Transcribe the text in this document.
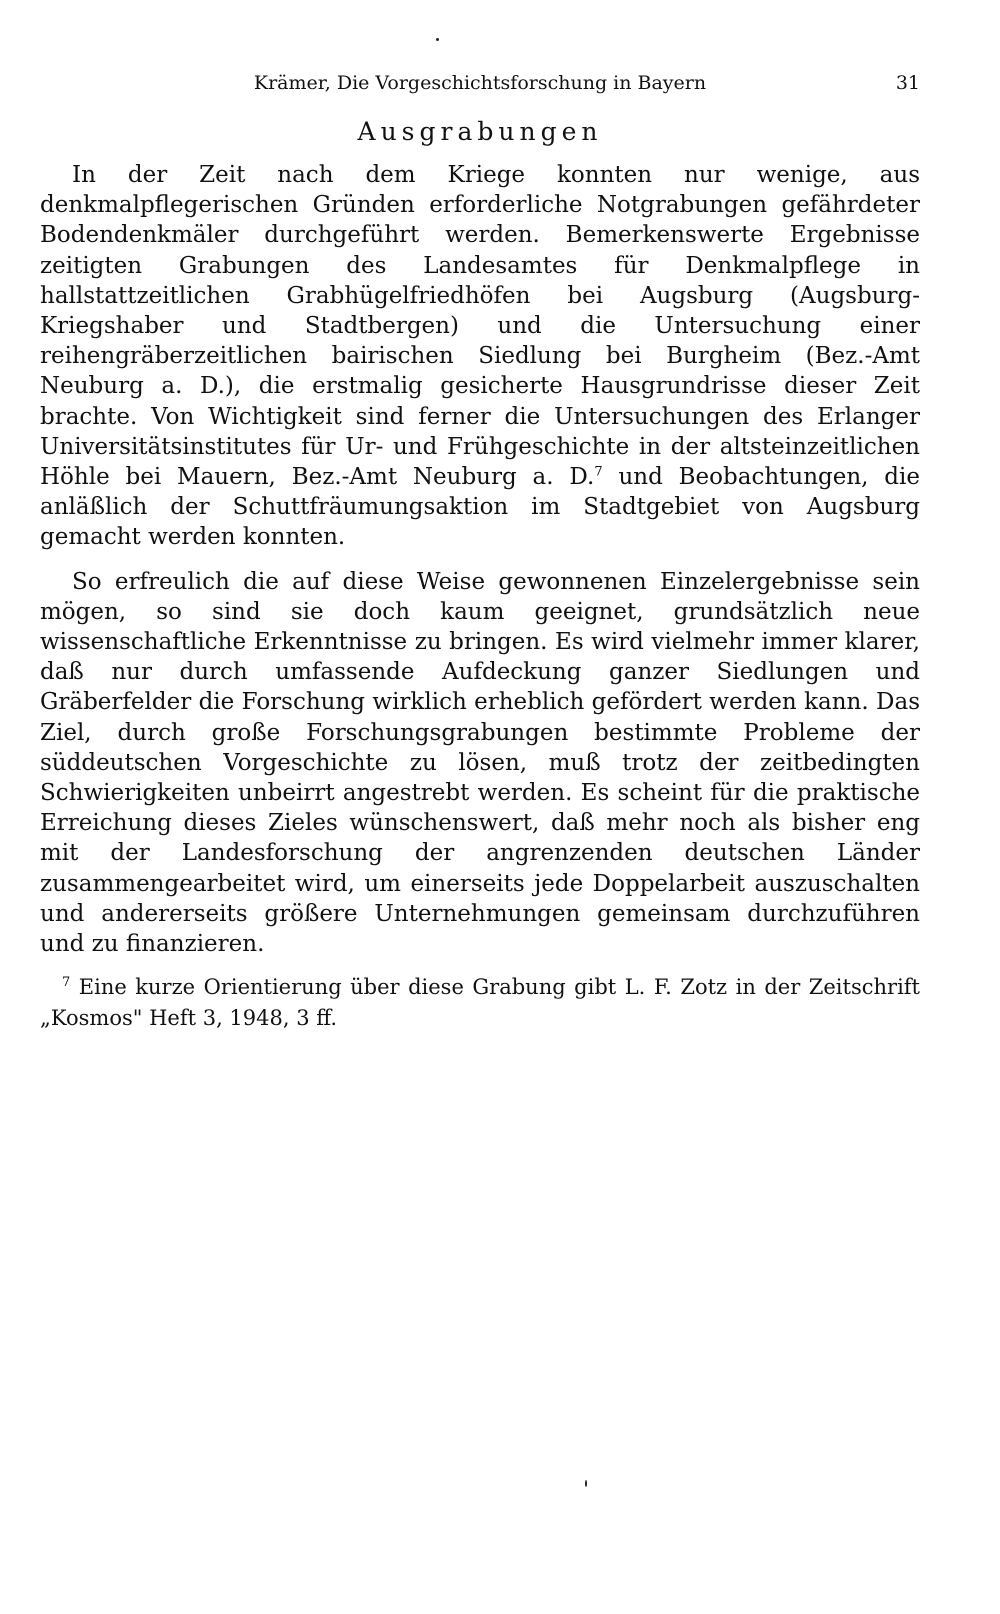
Krämer, Die Vorgeschichtsforschung in Bayern	31
Ausgrabungen

In der Zeit nach dem Kriege konnten nur wenige, aus denkmalpflegerischen Gründen erforderliche Notgrabungen gefährdeter Bodendenkmäler durchgeführt werden. Bemerkenswerte Ergebnisse zeitigten Grabungen des Landesamtes für Denkmalpflege in hallstattzeitlichen Grabhügelfriedhöfen bei Augsburg (Augsburg-Kriegshaber und Stadtbergen) und die Untersuchung einer reihengräberzeitlichen bairischen Siedlung bei Burgheim (Bez.-Amt Neuburg a. D.), die erstmalig gesicherte Hausgrundrisse dieser Zeit brachte. Von Wichtigkeit sind ferner die Untersuchungen des Erlanger Universitätsinstitutes für Ur- und Frühgeschichte in der altsteinzeitlichen Höhle bei Mauern, Bez.-Amt Neuburg a. D.$^7$ und Beobachtungen, die anläßlich der Schuttfräumungsaktion im Stadtgebiet von Augsburg gemacht werden konnten.

So erfreulich die auf diese Weise gewonnenen Einzelergebnisse sein mögen, so sind sie doch kaum geeignet, grundsätzlich neue wissenschaftliche Erkenntnisse zu bringen. Es wird vielmehr immer klarer, daß nur durch umfassende Aufdeckung ganzer Siedlungen und Gräberfelder die Forschung wirklich erheblich gefördert werden kann. Das Ziel, durch große Forschungsgrabungen bestimmte Probleme der süddeutschen Vorgeschichte zu lösen, muß trotz der zeitbedingten Schwierigkeiten unbeirrt angestrebt werden. Es scheint für die praktische Erreichung dieses Zieles wünschenswert, daß mehr noch als bisher eng mit der Landesforschung der angrenzenden deutschen Länder zusammengearbeitet wird, um einerseits jede Doppelarbeit auszuschalten und andererseits größere Unternehmungen gemeinsam durchzuführen und zu finanzieren.

$^7$ Eine kurze Orientierung über diese Grabung gibt L. F. Zotz in der Zeitschrift „Kosmos" Heft 3, 1948, 3 ff.
